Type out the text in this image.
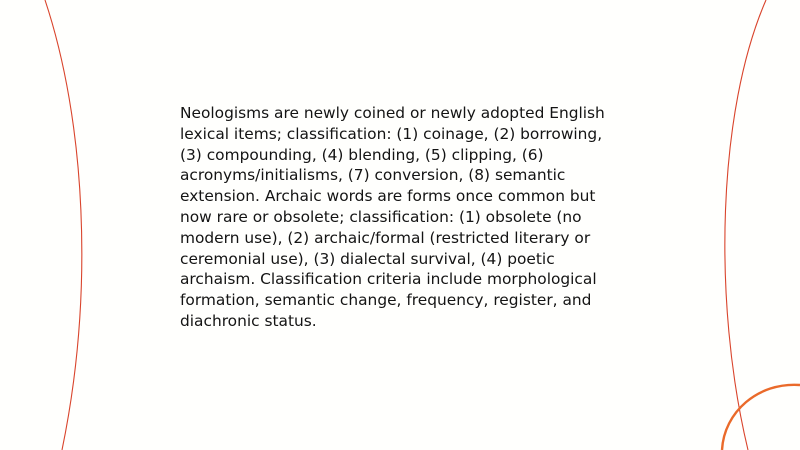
Neologisms are newly coined or newly adopted English lexical items; classification: (1) coinage, (2) borrowing, (3) compounding, (4) blending, (5) clipping, (6) acronyms/initialisms, (7) conversion, (8) semantic extension. Archaic words are forms once common but now rare or obsolete; classification: (1) obsolete (no modern use), (2) archaic/formal (restricted literary or ceremonial use), (3) dialectal survival, (4) poetic archaism. Classification criteria include morphological formation, semantic change, frequency, register, and diachronic status.
